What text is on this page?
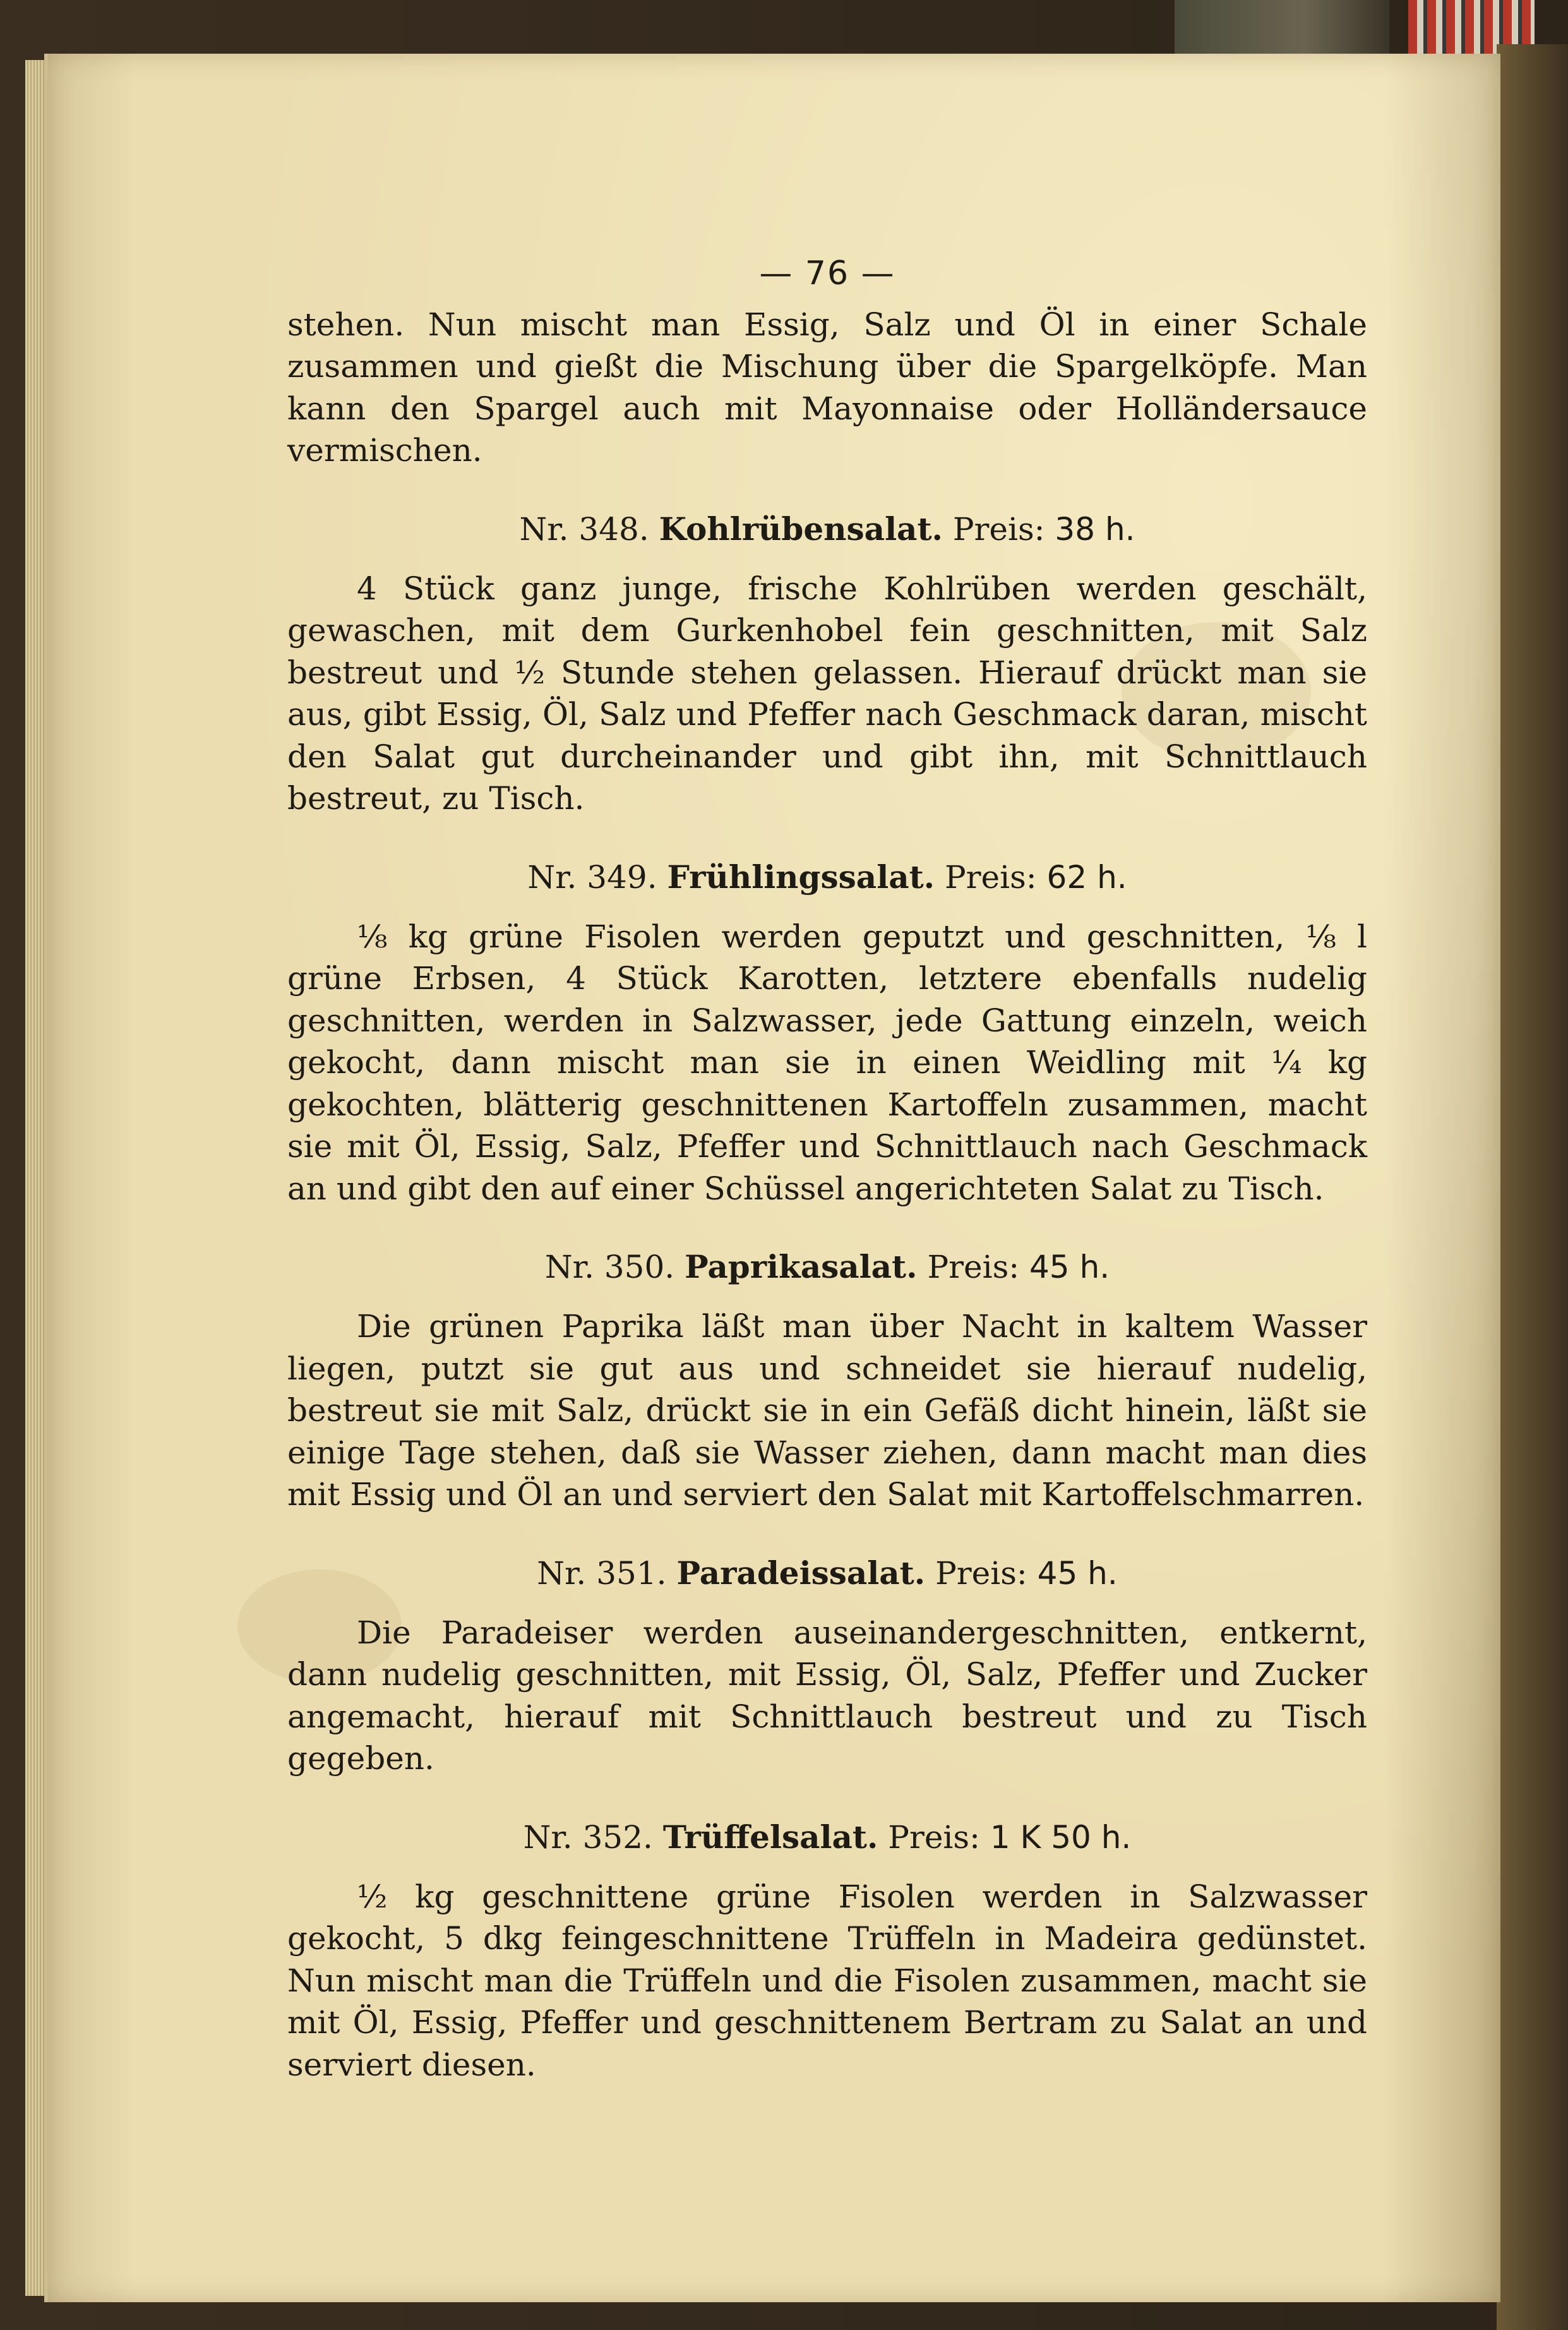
— 76 —

stehen. Nun mischt man Essig, Salz und Öl in einer Schale zusammen und gießt die Mischung über die Spargelköpfe. Man kann den Spargel auch mit Mayonnaise oder Holländersauce vermischen.

Nr. 348. Kohlrübensalat. Preis: 38 h.

4 Stück ganz junge, frische Kohlrüben werden geschält, gewaschen, mit dem Gurkenhobel fein geschnitten, mit Salz bestreut und ½ Stunde stehen gelassen. Hierauf drückt man sie aus, gibt Essig, Öl, Salz und Pfeffer nach Geschmack daran, mischt den Salat gut durcheinander und gibt ihn, mit Schnittlauch bestreut, zu Tisch.

Nr. 349. Frühlingssalat. Preis: 62 h.

⅛ kg grüne Fisolen werden geputzt und geschnitten, ⅛ l grüne Erbsen, 4 Stück Karotten, letztere ebenfalls nudelig geschnitten, werden in Salzwasser, jede Gattung einzeln, weich gekocht, dann mischt man sie in einen Weidling mit ¼ kg gekochten, blätterig geschnittenen Kartoffeln zusammen, macht sie mit Öl, Essig, Salz, Pfeffer und Schnittlauch nach Geschmack an und gibt den auf einer Schüssel angerichteten Salat zu Tisch.

Nr. 350. Paprikasalat. Preis: 45 h.

Die grünen Paprika läßt man über Nacht in kaltem Wasser liegen, putzt sie gut aus und schneidet sie hierauf nudelig, bestreut sie mit Salz, drückt sie in ein Gefäß dicht hinein, läßt sie einige Tage stehen, daß sie Wasser ziehen, dann macht man dies mit Essig und Öl an und serviert den Salat mit Kartoffelschmarren.

Nr. 351. Paradeissalat. Preis: 45 h.

Die Paradeiser werden auseinandergeschnitten, entkernt, dann nudelig geschnitten, mit Essig, Öl, Salz, Pfeffer und Zucker angemacht, hierauf mit Schnittlauch bestreut und zu Tisch gegeben.

Nr. 352. Trüffelsalat. Preis: 1 K 50 h.

½ kg geschnittene grüne Fisolen werden in Salzwasser gekocht, 5 dkg feingeschnittene Trüffeln in Madeira gedünstet. Nun mischt man die Trüffeln und die Fisolen zusammen, macht sie mit Öl, Essig, Pfeffer und geschnittenem Bertram zu Salat an und serviert diesen.
